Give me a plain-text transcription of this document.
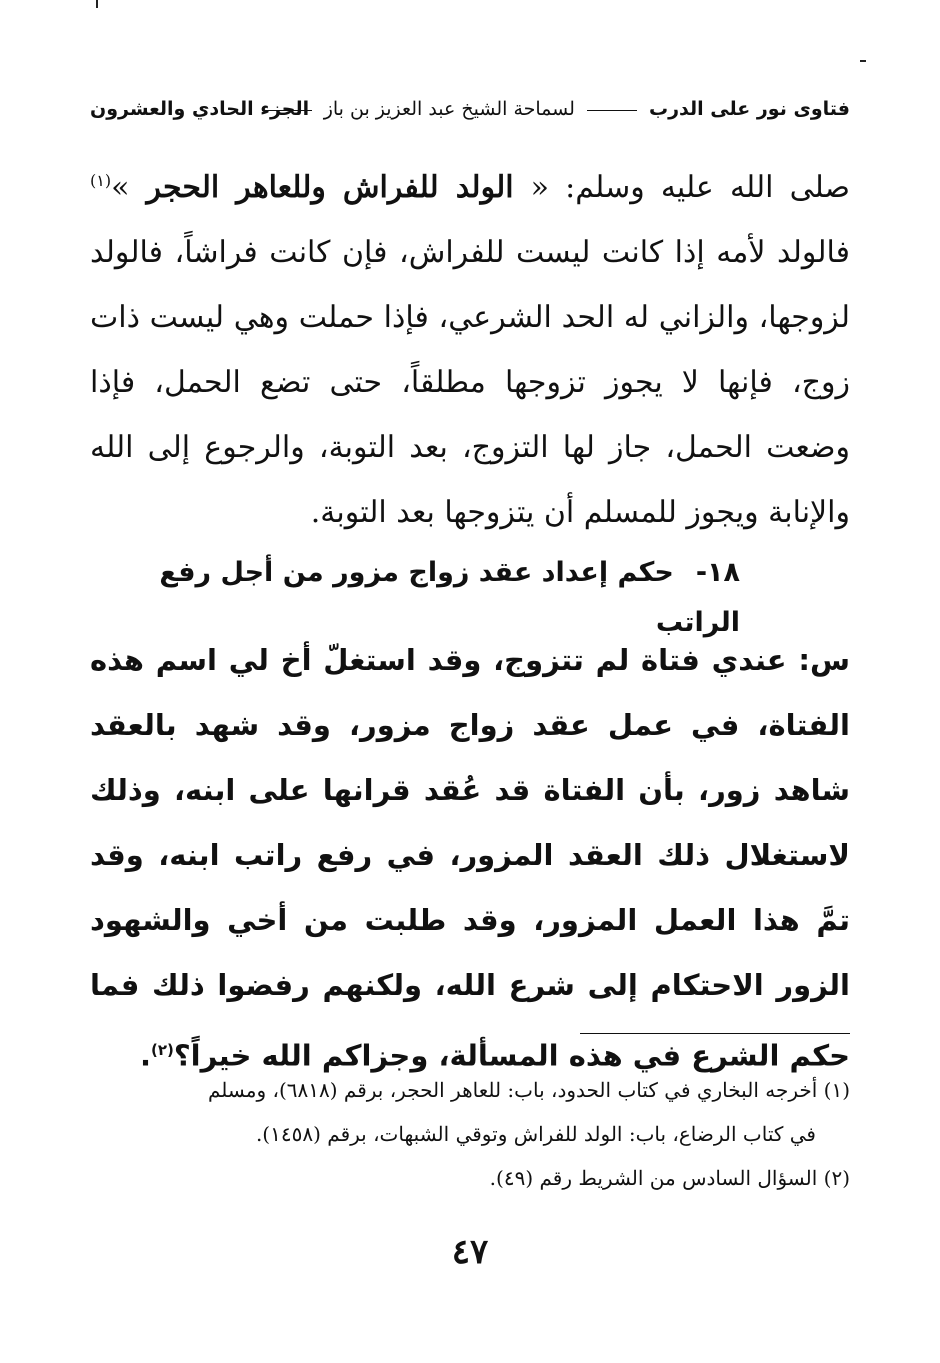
فتاوى نور على الدرب  لسماحة الشيخ عبد العزيز بن باز
الجزء الحادي والعشرون
صلى الله عليه وسلم: « الولد للفراش وللعاهر الحجر »$^{(١)}$ فالولد لأمه إذا كانت ليست للفراش، فإن كانت فراشاً، فالولد لزوجها، والزاني له الحد الشرعي، فإذا حملت وهي ليست ذات زوج، فإنها لا يجوز تزوجها مطلقاً، حتى تضع الحمل، فإذا وضعت الحمل، جاز لها التزوج، بعد التوبة، والرجوع إلى الله والإنابة ويجوز للمسلم أن يتزوجها بعد التوبة.
١٨-حكم إعداد عقد زواج مزور من أجل رفع الراتب
س: عندي فتاة لم تتزوج، وقد استغلّ أخ لي اسم هذه الفتاة، في عمل عقد زواج مزور، وقد شهد بالعقد شاهد زور، بأن الفتاة قد عُقد قرانها على ابنه، وذلك لاستغلال ذلك العقد المزور، في رفع راتب ابنه، وقد تمَّ هذا العمل المزور، وقد طلبت من أخي والشهود الزور الاحتكام إلى شرع الله، ولكنهم رفضوا ذلك فما حكم الشرع في هذه المسألة، وجزاكم الله خيراً؟$^{(٢)}$.
(١) أخرجه البخاري في كتاب الحدود، باب: للعاهر الحجر، برقم (٦٨١٨)، ومسلم
في كتاب الرضاع، باب: الولد للفراش وتوقي الشبهات، برقم (١٤٥٨).
(٢) السؤال السادس من الشريط رقم (٤٩).
٤٧
